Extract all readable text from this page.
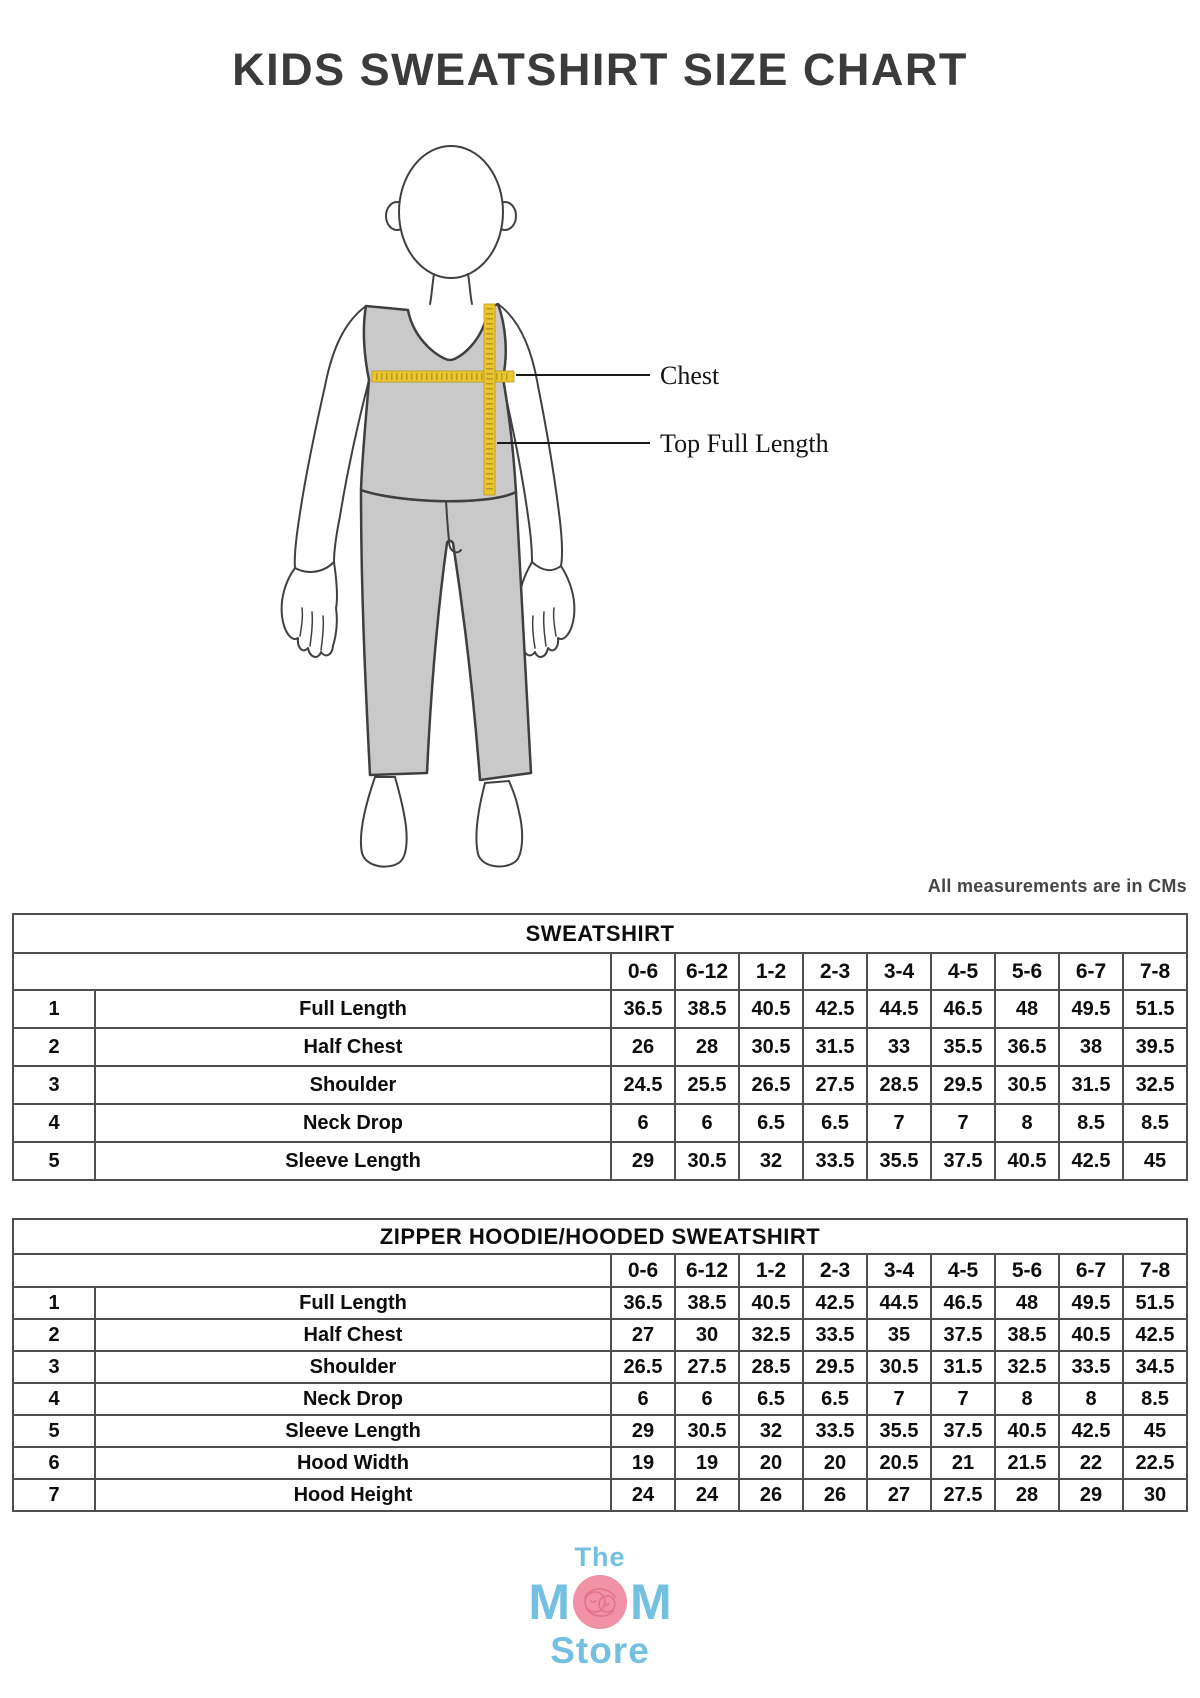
KIDS SWEATSHIRT SIZE CHART
Chest
Top Full Length
All measurements are in CMs
SWEATSHIRT										
		0-6	6-12	1-2	2-3	3-4	4-5	5-6	6-7	7-8
1	Full Length	36.5	38.5	40.5	42.5	44.5	46.5	48	49.5	51.5
2	Half Chest	26	28	30.5	31.5	33	35.5	36.5	38	39.5
3	Shoulder	24.5	25.5	26.5	27.5	28.5	29.5	30.5	31.5	32.5
4	Neck Drop	6	6	6.5	6.5	7	7	8	8.5	8.5
5	Sleeve Length	29	30.5	32	33.5	35.5	37.5	40.5	42.5	45
ZIPPER HOODIE/HOODED SWEATSHIRT										
		0-6	6-12	1-2	2-3	3-4	4-5	5-6	6-7	7-8
1	Full Length	36.5	38.5	40.5	42.5	44.5	46.5	48	49.5	51.5
2	Half Chest	27	30	32.5	33.5	35	37.5	38.5	40.5	42.5
3	Shoulder	26.5	27.5	28.5	29.5	30.5	31.5	32.5	33.5	34.5
4	Neck Drop	6	6	6.5	6.5	7	7	8	8	8.5
5	Sleeve Length	29	30.5	32	33.5	35.5	37.5	40.5	42.5	45
6	Hood Width	19	19	20	20	20.5	21	21.5	22	22.5
7	Hood Height	24	24	26	26	27	27.5	28	29	30
The
M M
Store
